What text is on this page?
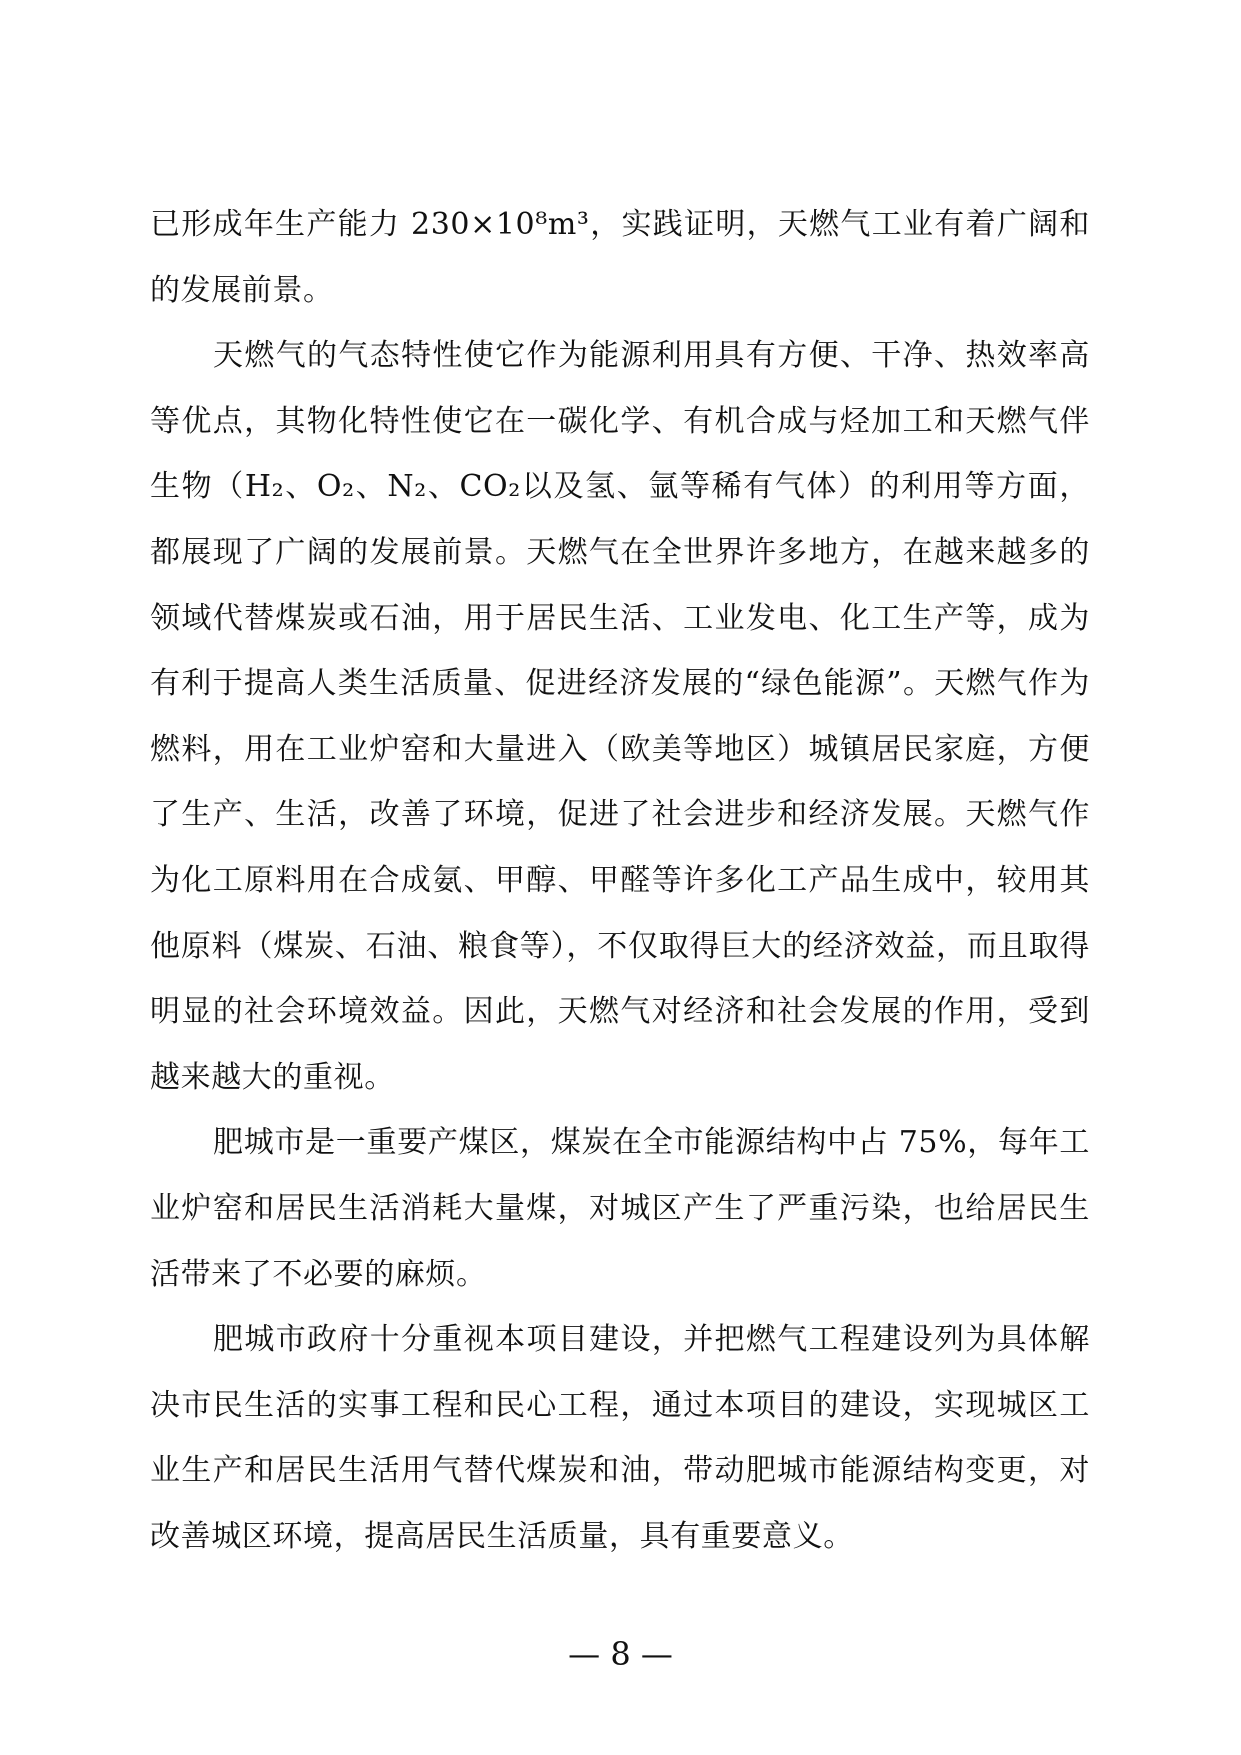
已形成年生产能力 230×10⁸m³，实践证明，天燃气工业有着广阔和的发展前景。

天燃气的气态特性使它作为能源利用具有方便、干净、热效率高等优点，其物化特性使它在一碳化学、有机合成与烃加工和天燃气伴生物（H₂、O₂、N₂、CO₂以及氢、氩等稀有气体）的利用等方面，都展现了广阔的发展前景。天燃气在全世界许多地方，在越来越多的领域代替煤炭或石油，用于居民生活、工业发电、化工生产等，成为有利于提高人类生活质量、促进经济发展的“绿色能源”。天燃气作为燃料，用在工业炉窑和大量进入（欧美等地区）城镇居民家庭，方便了生产、生活，改善了环境，促进了社会进步和经济发展。天燃气作为化工原料用在合成氨、甲醇、甲醛等许多化工产品生成中，较用其他原料（煤炭、石油、粮食等），不仅取得巨大的经济效益，而且取得明显的社会环境效益。因此，天燃气对经济和社会发展的作用，受到越来越大的重视。

肥城市是一重要产煤区，煤炭在全市能源结构中占 75%，每年工业炉窑和居民生活消耗大量煤，对城区产生了严重污染，也给居民生活带来了不必要的麻烦。

肥城市政府十分重视本项目建设，并把燃气工程建设列为具体解决市民生活的实事工程和民心工程，通过本项目的建设，实现城区工业生产和居民生活用气替代煤炭和油，带动肥城市能源结构变更，对改善城区环境，提高居民生活质量，具有重要意义。

— 8 —
